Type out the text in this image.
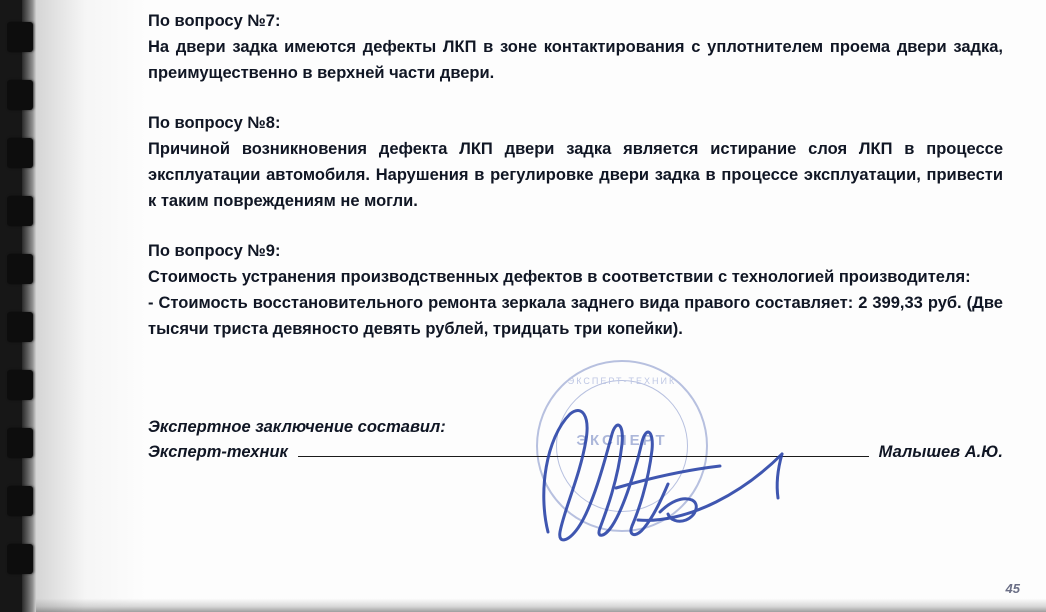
По вопросу №7:

На двери задка имеются дефекты ЛКП в зоне контактирования с уплотнителем проема двери задка, преимущественно в верхней части двери.

По вопросу №8:

Причиной возникновения дефекта ЛКП двери задка является истирание слоя ЛКП в процессе эксплуатации автомобиля. Нарушения в регулировке двери задка в процессе эксплуатации, привести к таким повреждениям не могли.

По вопросу №9:

Стоимость устранения производственных дефектов в соответствии с технологией производителя:

- Стоимость восстановительного ремонта зеркала заднего вида правого составляет: 2 399,33 руб. (Две тысячи триста девяносто девять рублей, тридцать три копейки).

ЭКСПЕРТ-ТЕХНИК
ЭКСПЕРТ

Экспертное заключение составил:

Эксперт-техник	Малышев А.Ю.
45
